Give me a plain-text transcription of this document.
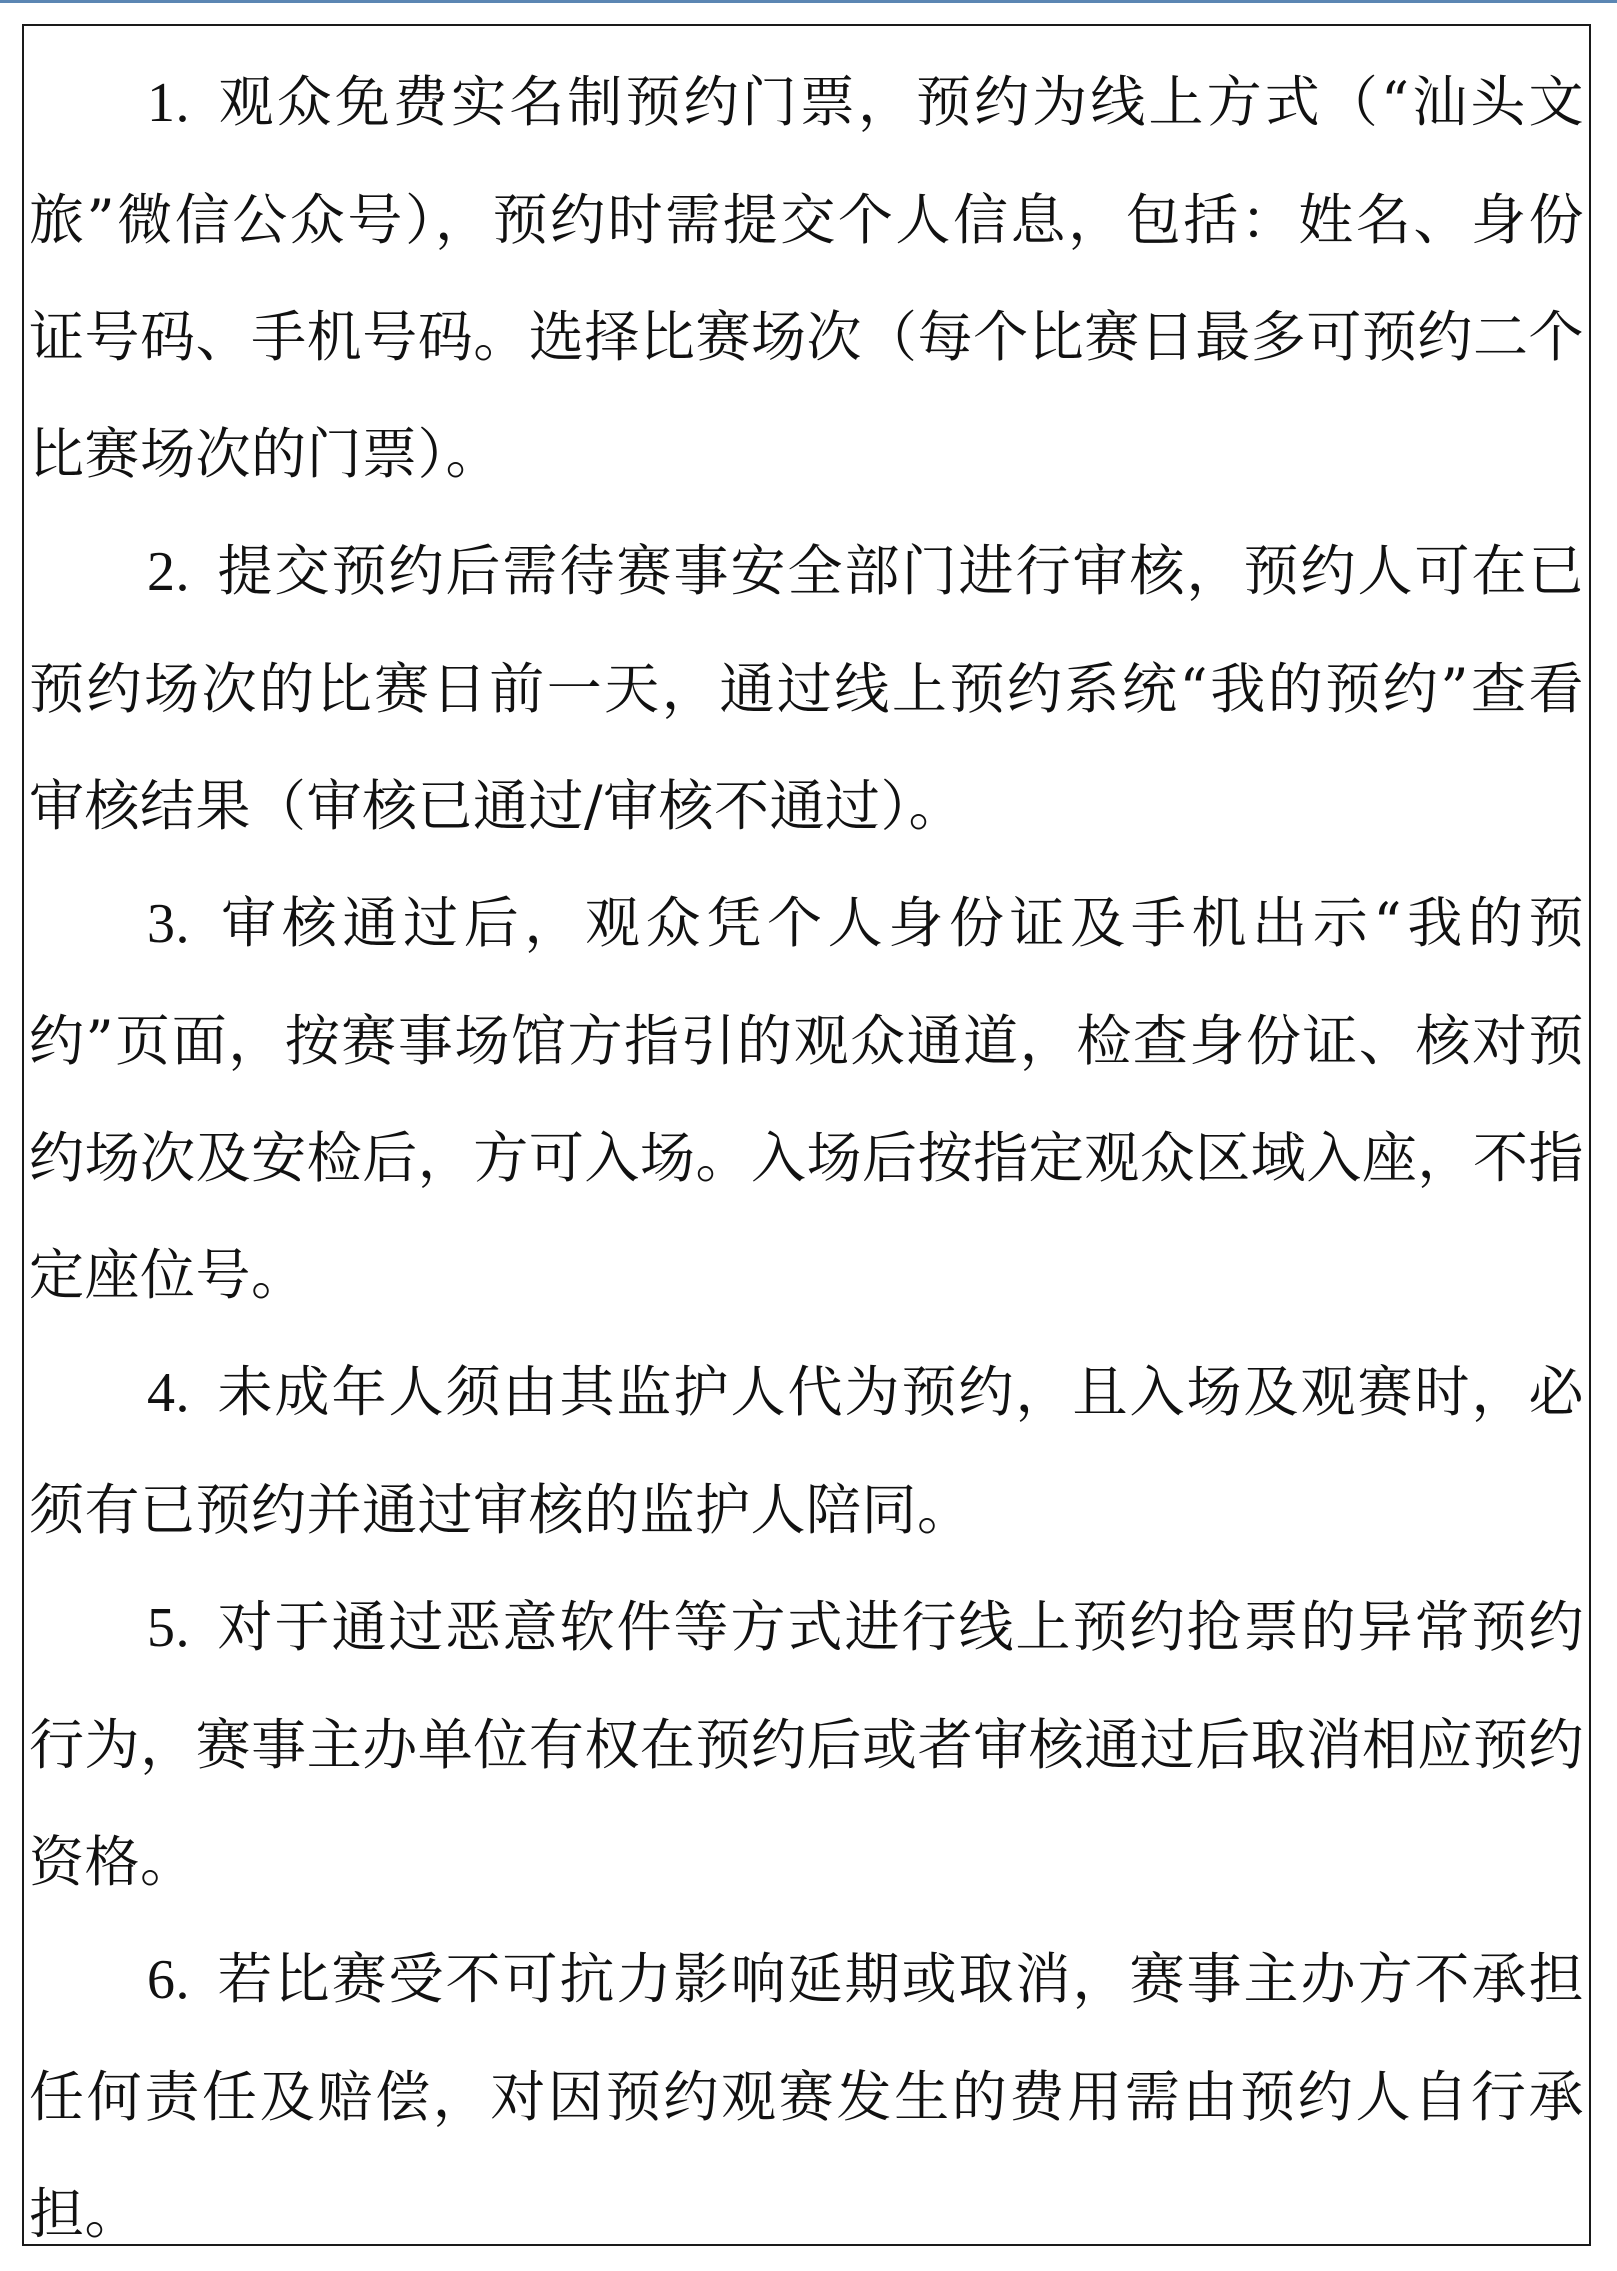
1. 观众免费实名制预约门票，预约为线上方式（“汕头文旅”微信公众号），预约时需提交个人信息，包括：姓名、身份证号码、手机号码。选择比赛场次（每个比赛日最多可预约二个比赛场次的门票）。

2. 提交预约后需待赛事安全部门进行审核，预约人可在已预约场次的比赛日前一天，通过线上预约系统“我的预约”查看审核结果（审核已通过/审核不通过）。

3. 审核通过后，观众凭个人身份证及手机出示“我的预约”页面，按赛事场馆方指引的观众通道，检查身份证、核对预约场次及安检后，方可入场。入场后按指定观众区域入座，不指定座位号。

4. 未成年人须由其监护人代为预约，且入场及观赛时，必须有已预约并通过审核的监护人陪同。

5. 对于通过恶意软件等方式进行线上预约抢票的异常预约行为，赛事主办单位有权在预约后或者审核通过后取消相应预约资格。

6. 若比赛受不可抗力影响延期或取消，赛事主办方不承担任何责任及赔偿，对因预约观赛发生的费用需由预约人自行承担。
